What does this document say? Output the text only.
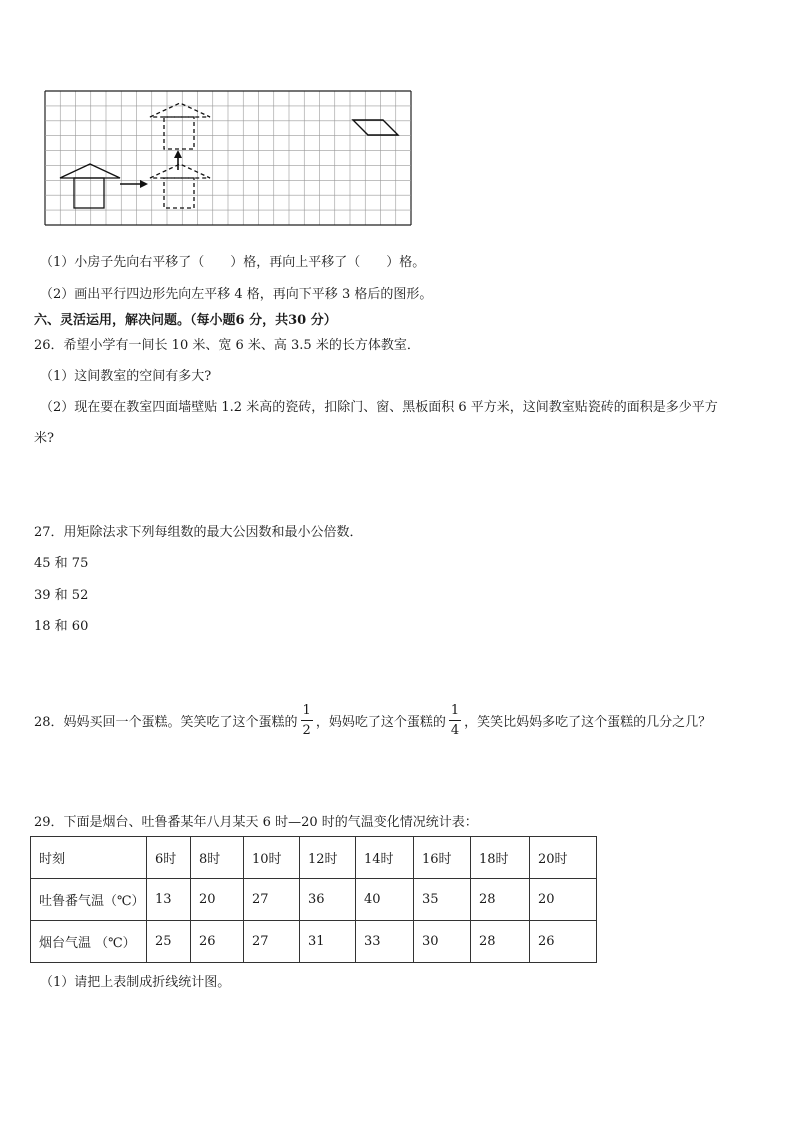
（1）小房子先向右平移了（　　）格，再向上平移了（　　）格。
（2）画出平行四边形先向左平移 4 格，再向下平移 3 格后的图形。
六、灵活运用，解决问题。（每小题6 分，共30 分）
26．希望小学有一间长 10 米、宽 6 米、高 3.5 米的长方体教室．
（1）这间教室的空间有多大?
（2）现在要在教室四面墙壁贴 1.2 米高的瓷砖，扣除门、窗、黑板面积 6 平方米，这间教室贴瓷砖的面积是多少平方
米?
27．用矩除法求下列每组数的最大公因数和最小公倍数．
45 和 75
39 和 52
18 和 60
28．妈妈买回一个蛋糕。笑笑吃了这个蛋糕的 $\frac{1}{2}$ ，妈妈吃了这个蛋糕的 $\frac{1}{4}$ ，笑笑比妈妈多吃了这个蛋糕的几分之几？
29．下面是烟台、吐鲁番某年八月某天 6 时—20 时的气温变化情况统计表：
时刻	6时	8时	10时	12时	14时	16时	18时	20时
吐鲁番气温（℃）	13	20	27	36	40	35	28	20
烟台气温 （℃）	25	26	27	31	33	30	28	26
（1）请把上表制成折线统计图。
